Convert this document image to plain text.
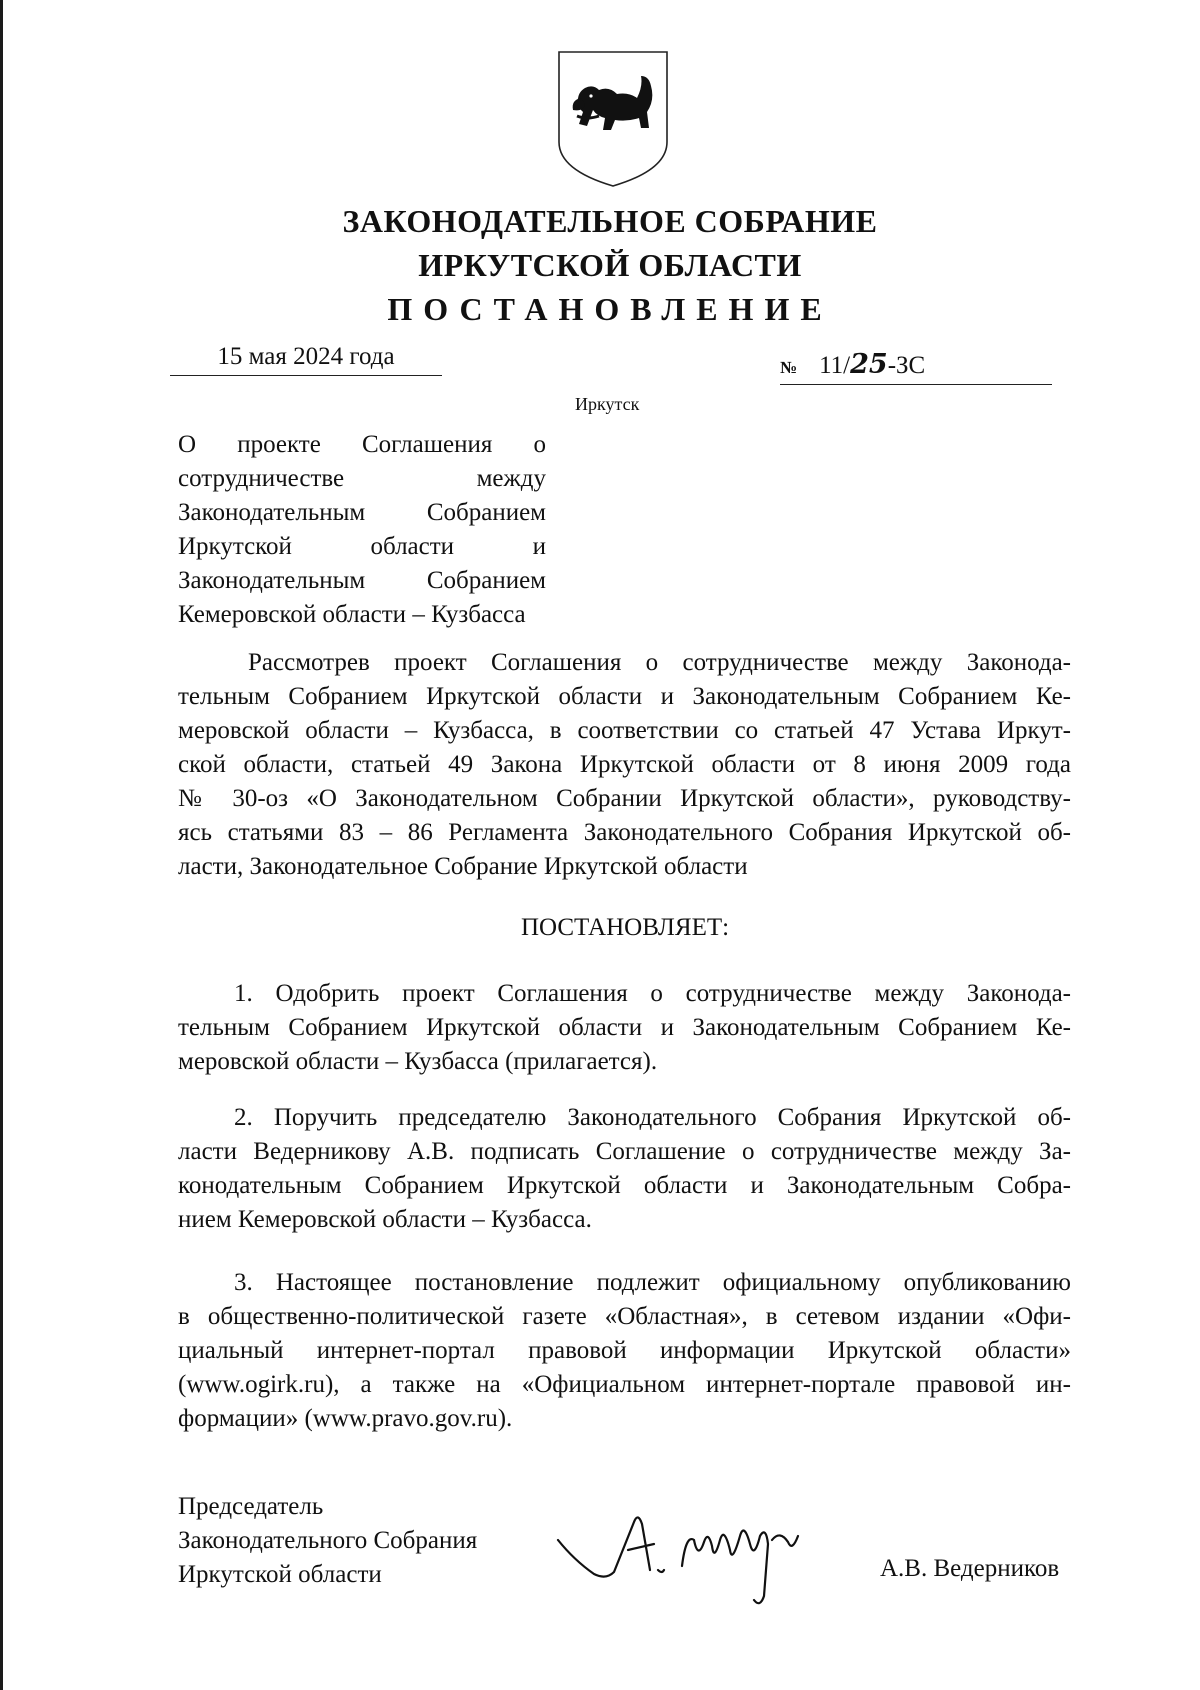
ЗАКОНОДАТЕЛЬНОЕ СОБРАНИЕ
ИРКУТСКОЙ ОБЛАСТИ
ПОСТАНОВЛЕНИЕ
15 мая 2024 года	№ 11/25-ЗС
Иркутск
О проекте Соглашения о сотрудничестве между Законодательным Собранием Иркутской области и Законодательным Собранием Кемеровской области – Кузбасса
Рассмотрев проект Соглашения о сотрудничестве между Законода-
тельным Собранием Иркутской области и Законодательным Собранием Ке-
меровской области – Кузбасса, в соответствии со статьей 47 Устава Иркут-
ской области, статьей 49 Закона Иркутской области от 8 июня 2009 года
№ 30-оз «О Законодательном Собрании Иркутской области», руководству-
ясь статьями 83 – 86 Регламента Законодательного Собрания Иркутской об-
ласти, Законодательное Собрание Иркутской области
ПОСТАНОВЛЯЕТ:
1. Одобрить проект Соглашения о сотрудничестве между Законода-
тельным Собранием Иркутской области и Законодательным Собранием Ке-
меровской области – Кузбасса (прилагается).
2. Поручить председателю Законодательного Собрания Иркутской об-
ласти Ведерникову А.В. подписать Соглашение о сотрудничестве между За-
конодательным Собранием Иркутской области и Законодательным Собра-
нием Кемеровской области – Кузбасса.
3. Настоящее постановление подлежит официальному опубликованию
в общественно-политической газете «Областная», в сетевом издании «Офи-
циальный интернет-портал правовой информации Иркутской области»
(www.ogirk.ru), а также на «Официальном интернет-портале правовой ин-
формации» (www.pravo.gov.ru).
Председатель
Законодательного Собрания
Иркутской области	А.В. Ведерников
